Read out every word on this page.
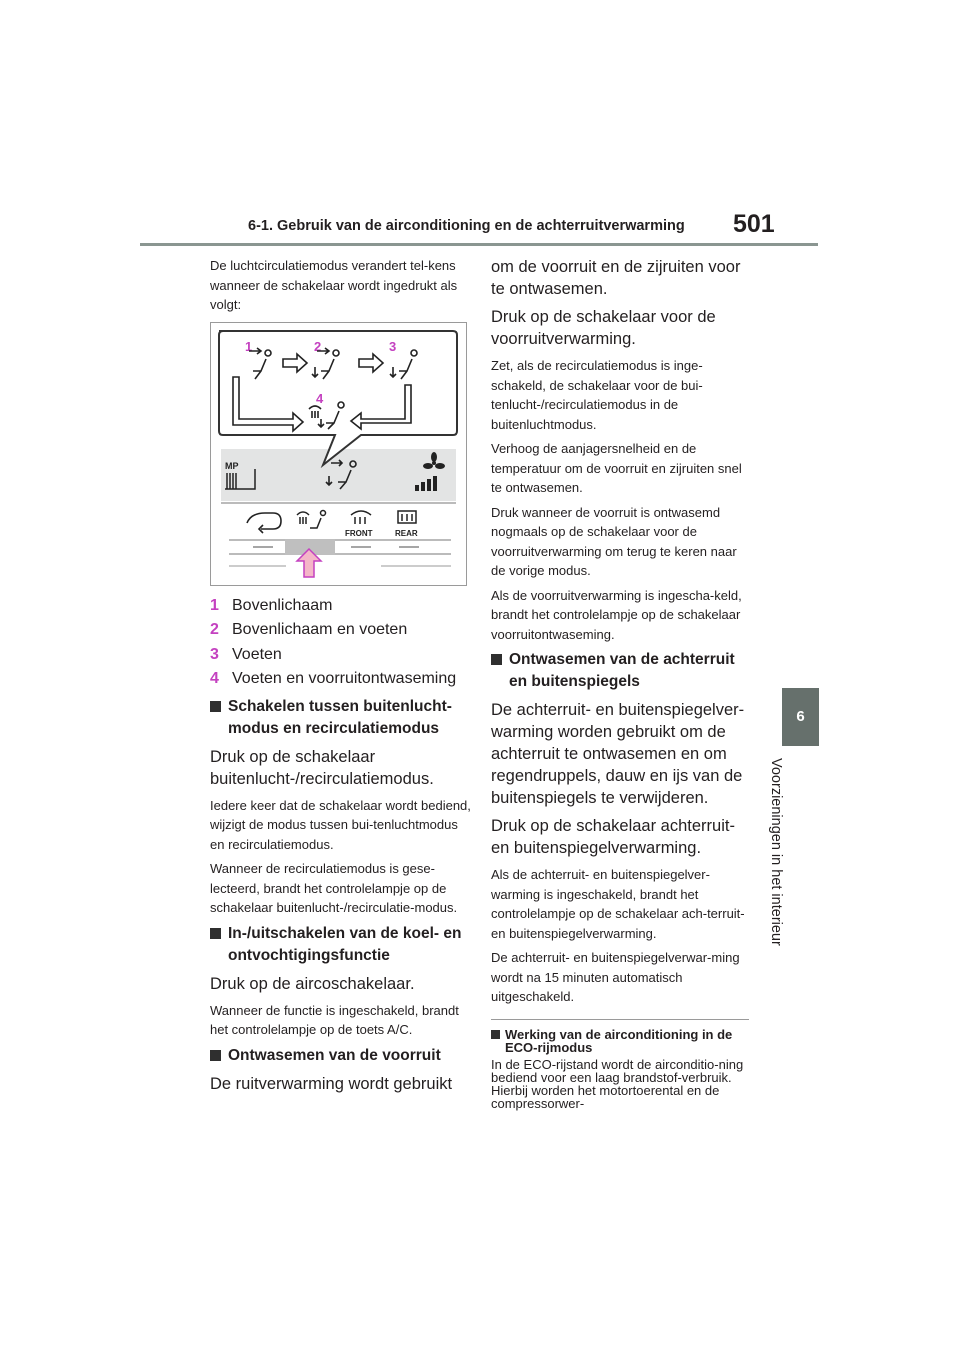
6-1. Gebruik van de airconditioning en de achterruitverwarming 501
6
Voorzieningen in het interieur

De luchtcirculatiemodus verandert tel-kens wanneer de schakelaar wordt ingedrukt als volgt:

1	2	3
4
MP
FRONT	REAR
1 Bovenlichaam
2 Bovenlichaam en voeten
3 Voeten
4 Voeten en voorruitontwaseming
Schakelen tussen buitenlucht-modus en recirculatiemodus

Druk op de schakelaar buitenlucht-/recirculatiemodus.

Iedere keer dat de schakelaar wordt bediend, wijzigt de modus tussen bui-tenluchtmodus en recirculatiemodus.

Wanneer de recirculatiemodus is gese-lecteerd, brandt het controlelampje op de schakelaar buitenlucht-/recirculatie-modus.

In-/uitschakelen van de koel- en ontvochtigingsfunctie

Druk op de aircoschakelaar.

Wanneer de functie is ingeschakeld, brandt het controlelampje op de toets A/C.

Ontwasemen van de voorruit

De ruitverwarming wordt gebruikt

om de voorruit en de zijruiten voor te ontwasemen.

Druk op de schakelaar voor de voorruitverwarming.

Zet, als de recirculatiemodus is inge-schakeld, de schakelaar voor de bui-tenlucht-/recirculatiemodus in de buitenluchtmodus.

Verhoog de aanjagersnelheid en de temperatuur om de voorruit en zijruiten snel te ontwasemen.

Druk wanneer de voorruit is ontwasemd nogmaals op de schakelaar voor de voorruitverwarming om terug te keren naar de vorige modus.

Als de voorruitverwarming is ingescha-keld, brandt het controlelampje op de schakelaar voorruitontwaseming.

Ontwasemen van de achterruit en buitenspiegels

De achterruit- en buitenspiegelver-warming worden gebruikt om de achterruit te ontwasemen en om regendruppels, dauw en ijs van de buitenspiegels te verwijderen.

Druk op de schakelaar achterruit- en buitenspiegelverwarming.

Als de achterruit- en buitenspiegelver-warming is ingeschakeld, brandt het controlelampje op de schakelaar ach-terruit- en buitenspiegelverwarming.

De achterruit- en buitenspiegelverwar-ming wordt na 15 minuten automatisch uitgeschakeld.

Werking van de airconditioning in de ECO-rijmodus

In de ECO-rijstand wordt de airconditio-ning bediend voor een laag brandstof-verbruik. Hierbij worden het motortoerental en de compressorwer-
